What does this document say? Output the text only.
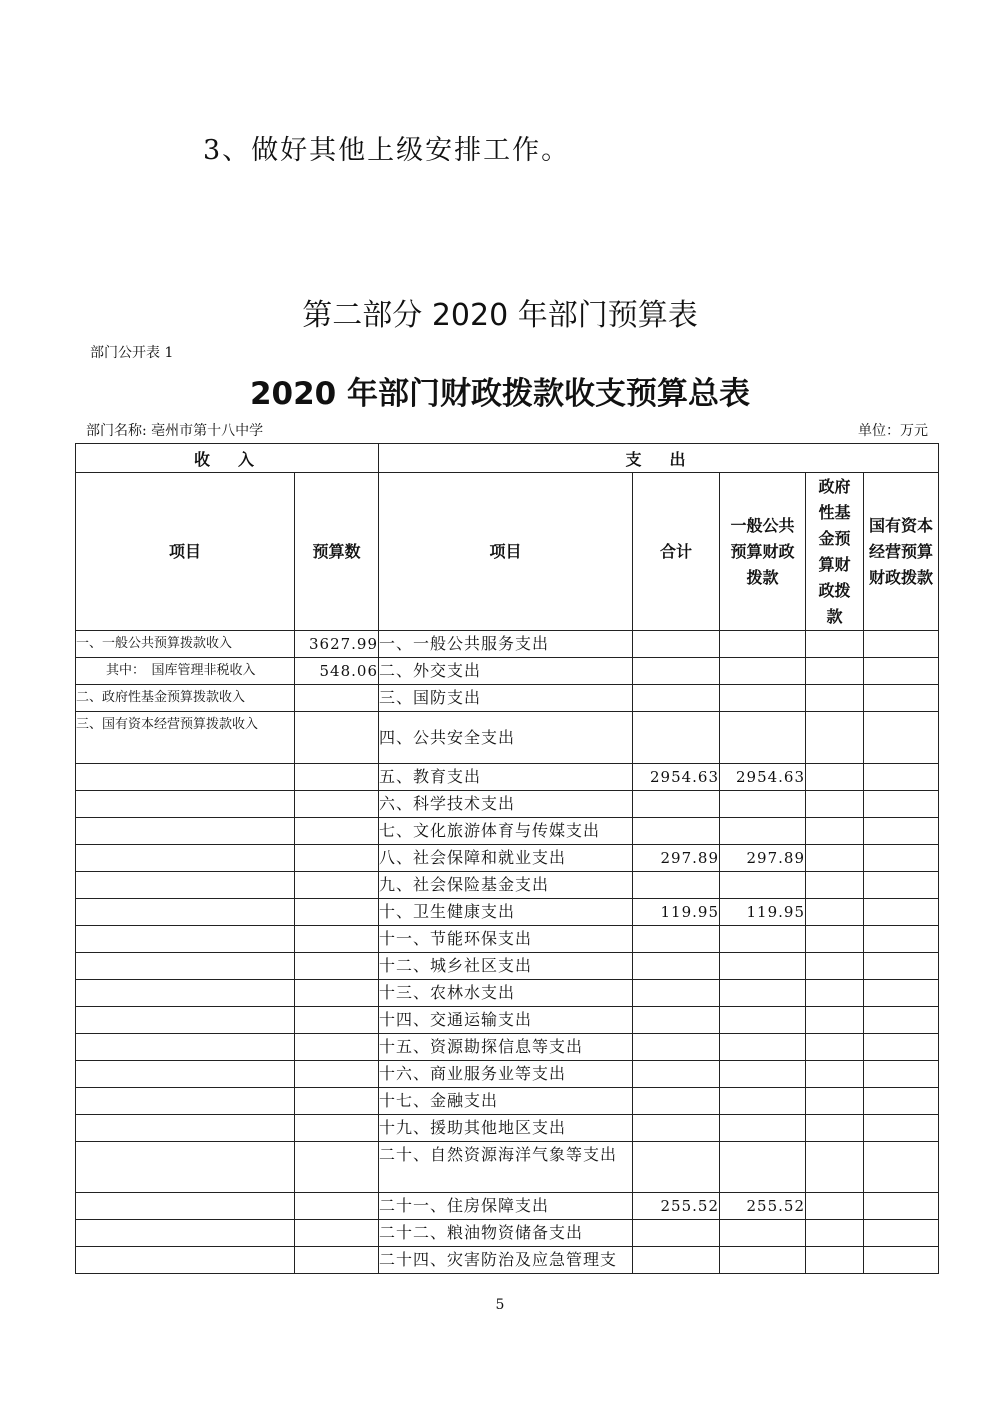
3、做好其他上级安排工作。
第二部分 2020 年部门预算表
部门公开表 1
2020 年部门财政拨款收支预算总表
部门名称: 亳州市第十八中学	单位：万元
收　入		支　出				
项目	预算数	项目	合计	一般公共预算财政拨款	政府性基金预算财政拨款	国有资本经营预算财政拨款
一、一般公共预算拨款收入	3627.99	一、一般公共服务支出				
其中：　国库管理非税收入	548.06	二、外交支出				
二、政府性基金预算拨款收入		三、国防支出				
三、国有资本经营预算拨款收入		四、公共安全支出				
		五、教育支出	2954.63	2954.63		
		六、科学技术支出				
		七、文化旅游体育与传媒支出				
		八、社会保障和就业支出	297.89	297.89		
		九、社会保险基金支出				
		十、卫生健康支出	119.95	119.95		
		十一、节能环保支出				
		十二、城乡社区支出				
		十三、农林水支出				
		十四、交通运输支出				
		十五、资源勘探信息等支出				
		十六、商业服务业等支出				
		十七、金融支出				
		十九、援助其他地区支出				
		二十、自然资源海洋气象等支出				
		二十一、住房保障支出	255.52	255.52		
		二十二、粮油物资储备支出				
		二十四、灾害防治及应急管理支				
5
